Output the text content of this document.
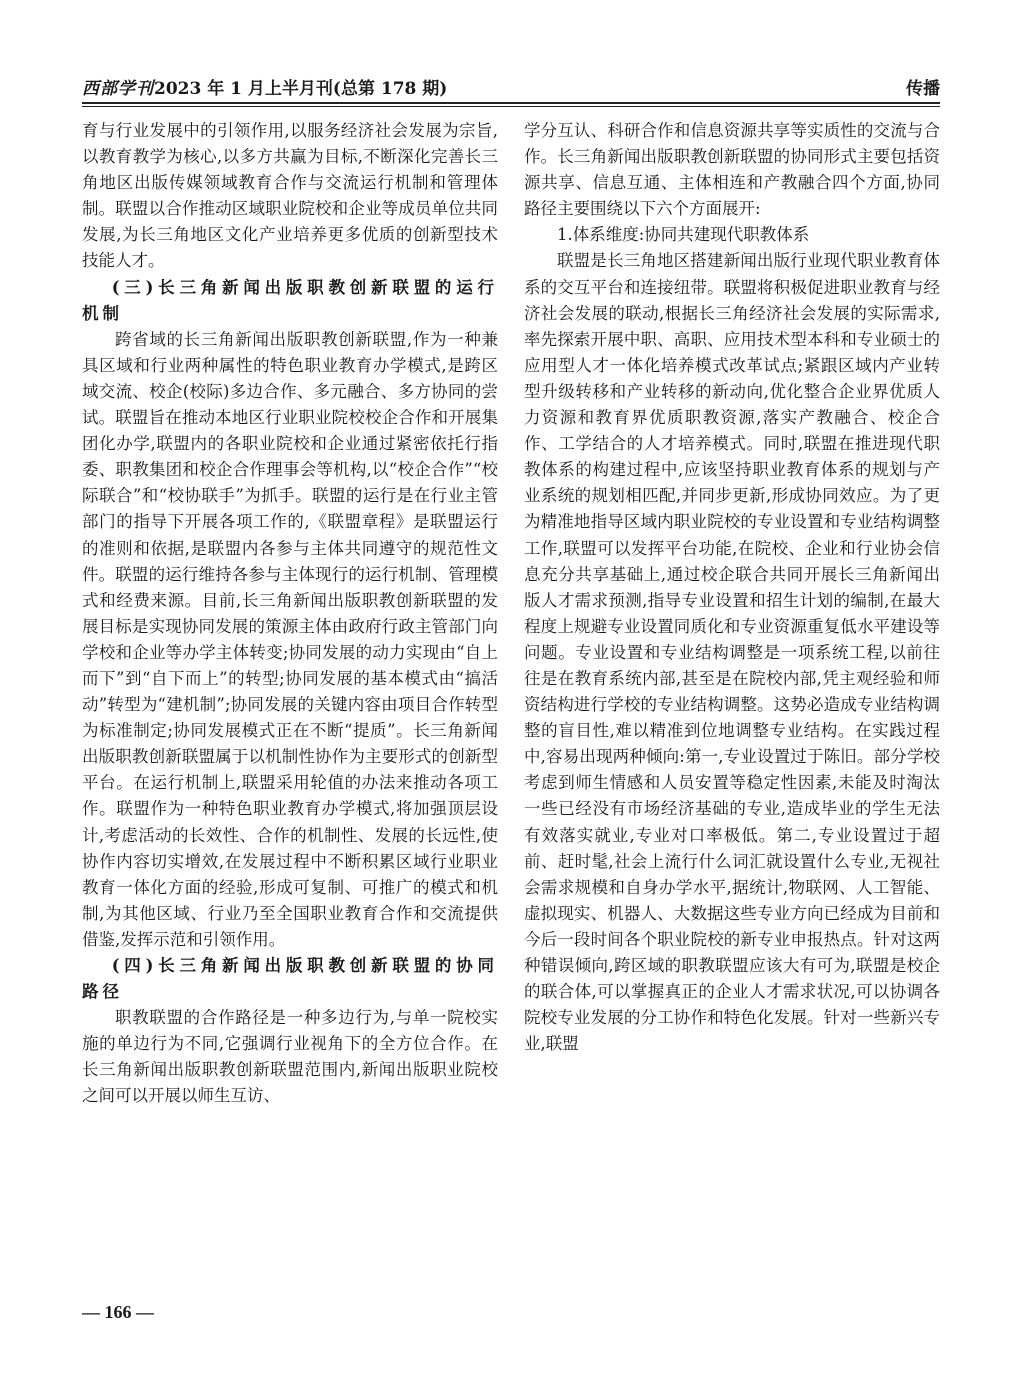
西部学刊2023 年 1 月上半月刊(总第 178 期)	传播

育与行业发展中的引领作用,以服务经济社会发展为宗旨,以教育教学为核心,以多方共赢为目标,不断深化完善长三角地区出版传媒领域教育合作与交流运行机制和管理体制。联盟以合作推动区域职业院校和企业等成员单位共同发展,为长三角地区文化产业培养更多优质的创新型技术技能人才。

(三)长三角新闻出版职教创新联盟的运行机制

跨省域的长三角新闻出版职教创新联盟,作为一种兼具区域和行业两种属性的特色职业教育办学模式,是跨区域交流、校企(校际)多边合作、多元融合、多方协同的尝试。联盟旨在推动本地区行业职业院校校企合作和开展集团化办学,联盟内的各职业院校和企业通过紧密依托行指委、职教集团和校企合作理事会等机构,以“校企合作”“校际联合”和“校协联手”为抓手。联盟的运行是在行业主管部门的指导下开展各项工作的,《联盟章程》是联盟运行的准则和依据,是联盟内各参与主体共同遵守的规范性文件。联盟的运行维持各参与主体现行的运行机制、管理模式和经费来源。目前,长三角新闻出版职教创新联盟的发展目标是实现协同发展的策源主体由政府行政主管部门向学校和企业等办学主体转变;协同发展的动力实现由“自上而下”到“自下而上”的转型;协同发展的基本模式由“搞活动”转型为“建机制”;协同发展的关键内容由项目合作转型为标准制定;协同发展模式正在不断“提质”。长三角新闻出版职教创新联盟属于以机制性协作为主要形式的创新型平台。在运行机制上,联盟采用轮值的办法来推动各项工作。联盟作为一种特色职业教育办学模式,将加强顶层设计,考虑活动的长效性、合作的机制性、发展的长远性,使协作内容切实增效,在发展过程中不断积累区域行业职业教育一体化方面的经验,形成可复制、可推广的模式和机制,为其他区域、行业乃至全国职业教育合作和交流提供借鉴,发挥示范和引领作用。

(四)长三角新闻出版职教创新联盟的协同路径

职教联盟的合作路径是一种多边行为,与单一院校实施的单边行为不同,它强调行业视角下的全方位合作。在长三角新闻出版职教创新联盟范围内,新闻出版职业院校之间可以开展以师生互访、

学分互认、科研合作和信息资源共享等实质性的交流与合作。长三角新闻出版职教创新联盟的协同形式主要包括资源共享、信息互通、主体相连和产教融合四个方面,协同路径主要围绕以下六个方面展开:

1.体系维度:协同共建现代职教体系

联盟是长三角地区搭建新闻出版行业现代职业教育体系的交互平台和连接纽带。联盟将积极促进职业教育与经济社会发展的联动,根据长三角经济社会发展的实际需求,率先探索开展中职、高职、应用技术型本科和专业硕士的应用型人才一体化培养模式改革试点;紧跟区域内产业转型升级转移和产业转移的新动向,优化整合企业界优质人力资源和教育界优质职教资源,落实产教融合、校企合作、工学结合的人才培养模式。同时,联盟在推进现代职教体系的构建过程中,应该坚持职业教育体系的规划与产业系统的规划相匹配,并同步更新,形成协同效应。为了更为精准地指导区域内职业院校的专业设置和专业结构调整工作,联盟可以发挥平台功能,在院校、企业和行业协会信息充分共享基础上,通过校企联合共同开展长三角新闻出版人才需求预测,指导专业设置和招生计划的编制,在最大程度上规避专业设置同质化和专业资源重复低水平建设等问题。专业设置和专业结构调整是一项系统工程,以前往往是在教育系统内部,甚至是在院校内部,凭主观经验和师资结构进行学校的专业结构调整。这势必造成专业结构调整的盲目性,难以精准到位地调整专业结构。在实践过程中,容易出现两种倾向:第一,专业设置过于陈旧。部分学校考虑到师生情感和人员安置等稳定性因素,未能及时淘汰一些已经没有市场经济基础的专业,造成毕业的学生无法有效落实就业,专业对口率极低。第二,专业设置过于超前、赶时髦,社会上流行什么词汇就设置什么专业,无视社会需求规模和自身办学水平,据统计,物联网、人工智能、虚拟现实、机器人、大数据这些专业方向已经成为目前和今后一段时间各个职业院校的新专业申报热点。针对这两种错误倾向,跨区域的职教联盟应该大有可为,联盟是校企的联合体,可以掌握真正的企业人才需求状况,可以协调各院校专业发展的分工协作和特色化发展。针对一些新兴专业,联盟

— 166 —
